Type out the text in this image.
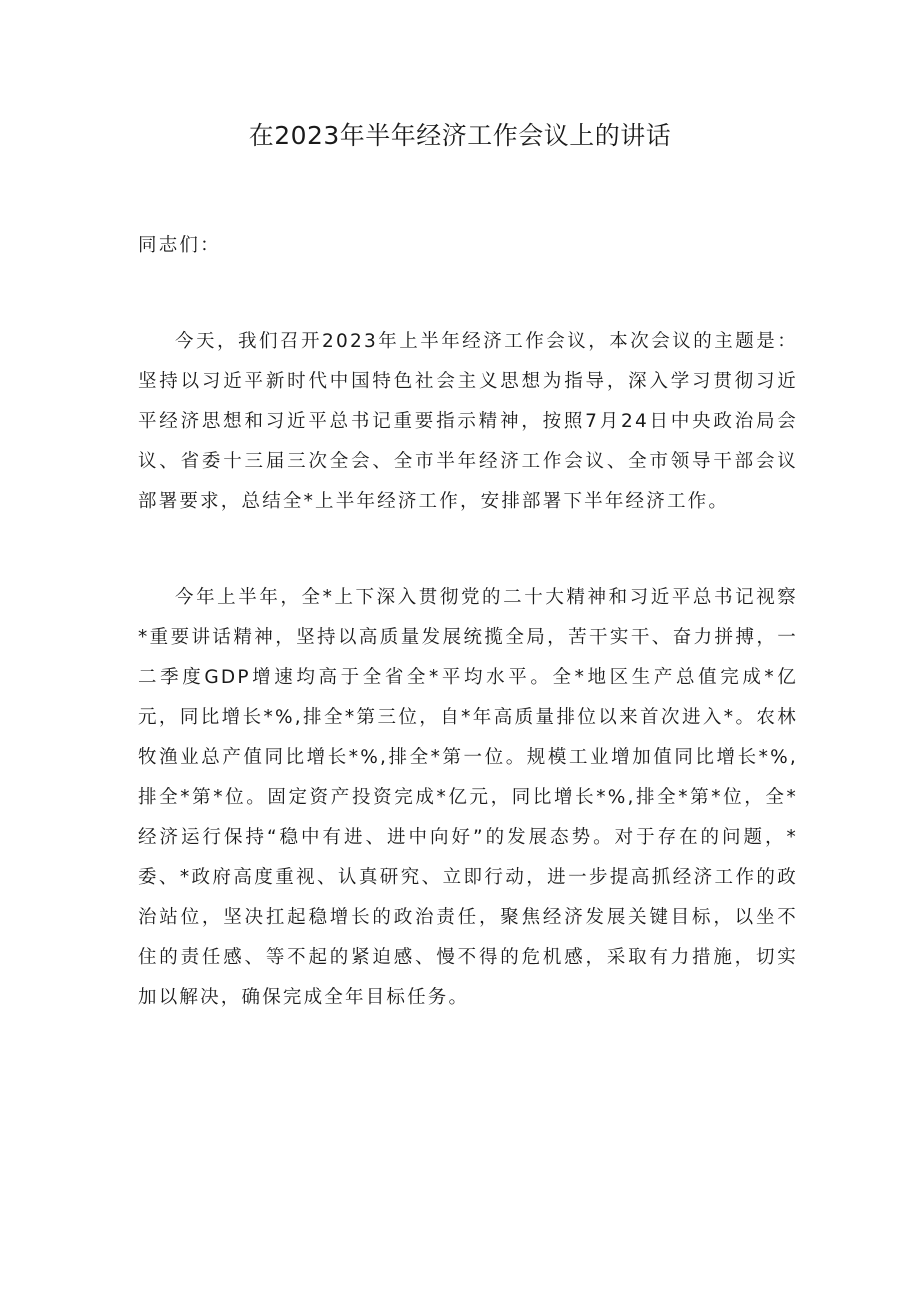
在2023年半年经济工作会议上的讲话
同志们：

今天，我们召开2023年上半年经济工作会议，本次会议的主题是：坚持以习近平新时代中国特色社会主义思想为指导，深入学习贯彻习近平经济思想和习近平总书记重要指示精神，按照7月24日中央政治局会议、省委十三届三次全会、全市半年经济工作会议、全市领导干部会议部署要求，总结全*上半年经济工作，安排部署下半年经济工作。

今年上半年，全*上下深入贯彻党的二十大精神和习近平总书记视察*重要讲话精神，坚持以高质量发展统揽全局，苦干实干、奋力拼搏，一二季度GDP增速均高于全省全*平均水平。全*地区生产总值完成*亿元，同比增长*%,排全*第三位，自*年高质量排位以来首次进入*。农林牧渔业总产值同比增长*%,排全*第一位。规模工业增加值同比增长*%,排全*第*位。固定资产投资完成*亿元，同比增长*%,排全*第*位，全*经济运行保持“稳中有进、进中向好”的发展态势。对于存在的问题，*委、*政府高度重视、认真研究、立即行动，进一步提高抓经济工作的政治站位，坚决扛起稳增长的政治责任，聚焦经济发展关键目标，以坐不住的责任感、等不起的紧迫感、慢不得的危机感，采取有力措施，切实加以解决，确保完成全年目标任务。
